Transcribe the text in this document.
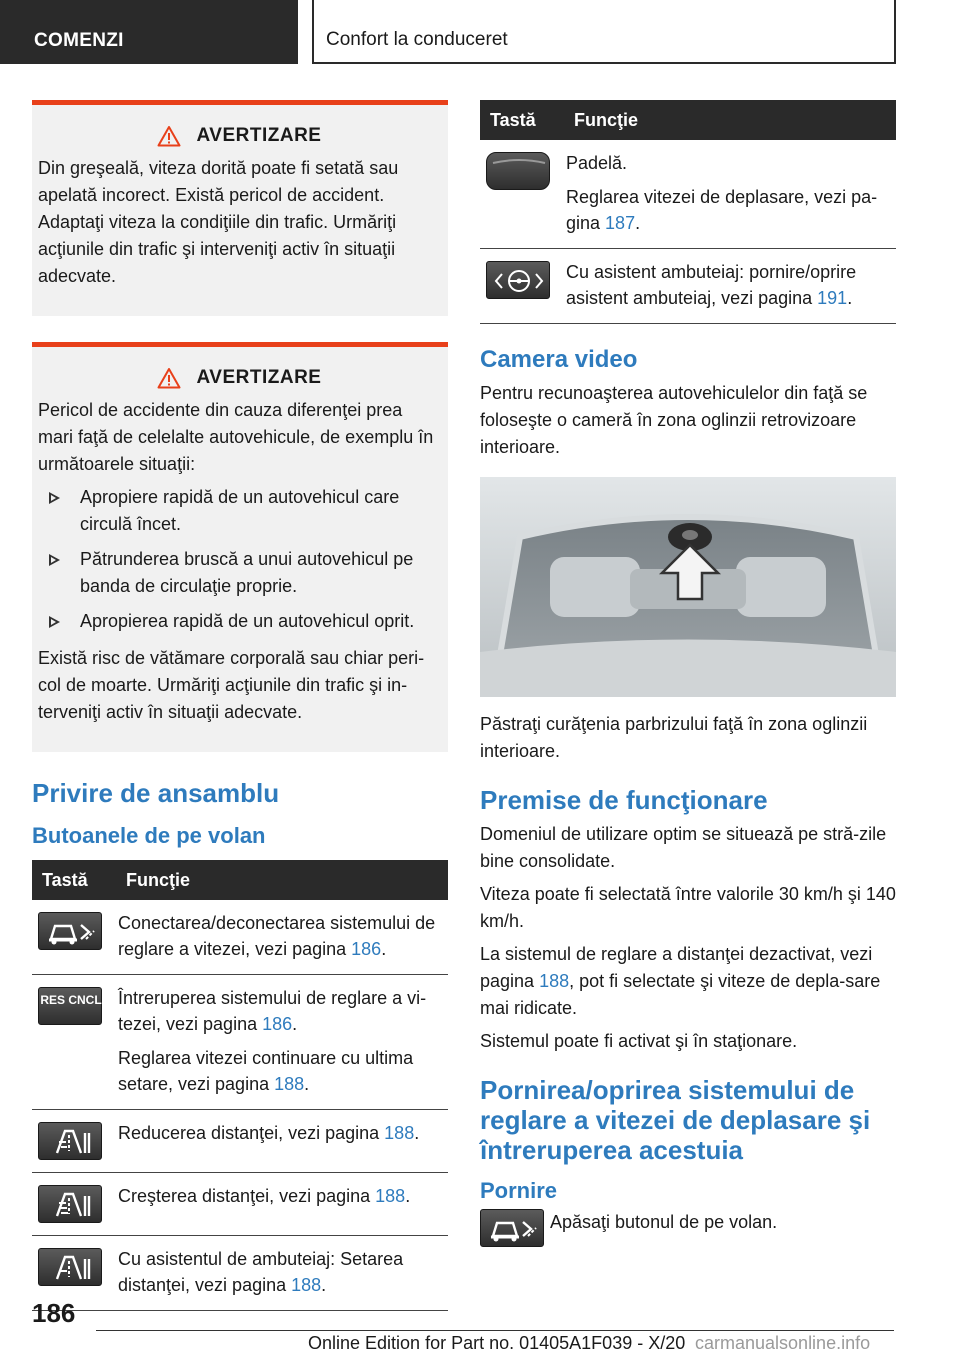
COMENZI	Confort la conduceret
AVERTIZARE

Din greşeală, viteza dorită poate fi setată sau apelată incorect. Există pericol de accident. Adaptaţi viteza la condiţiile din trafic. Urmăriţi acţiunile din trafic şi interveniţi activ în situaţii adecvate.

AVERTIZARE

Pericol de accidente din cauza diferenţei prea mari faţă de celelalte autovehicule, de exemplu în următoarele situaţii:

Apropiere rapidă de un autovehicul care circulă încet.
Pătrunderea bruscă a unui autovehicul pe banda de circulaţie proprie.
Apropierea rapidă de un autovehicul oprit.

Există risc de vătămare corporală sau chiar peri‐col de moarte. Urmăriţi acţiunile din trafic şi in‐terveniţi activ în situaţii adecvate.

Privire de ansamblu
Butoanele de pe volan
Tastă	Funcţie

Conectarea/deconectarea sistemului de reglare a vitezei, vezi pagina 186.

RES CNCL	Întreruperea sistemului de reglare a vi‐tezei, vezi pagina 186.

Reglarea vitezei continuare cu ultima setare, vezi pagina 188.

Reducerea distanţei, vezi pagina 188.

Creşterea distanţei, vezi pagina 188.

Cu asistentul de ambuteiaj: Setarea distanţei, vezi pagina 188.

Tastă	Funcţie

Padelă.

Reglarea vitezei de deplasare, vezi pa‐gina 187.

Cu asistent ambuteiaj: pornire/oprire asistent ambuteiaj, vezi pagina 191.

Camera video

Pentru recunoaşterea autovehiculelor din faţă se foloseşte o cameră în zona oglinzii retrovizoare interioare.

Păstraţi curăţenia parbrizului faţă în zona oglinzii interioare.

Premise de funcţionare

Domeniul de utilizare optim se situează pe stră‐zile bine consolidate.

Viteza poate fi selectată între valorile 30 km/h şi 140 km/h.

La sistemul de reglare a distanţei dezactivat, vezi pagina 188, pot fi selectate şi viteze de depla‐sare mai ridicate.

Sistemul poate fi activat şi în staţionare.

Pornirea/oprirea sistemului de reglare a vitezei de deplasare şi întreruperea acestuia
Pornire

Apăsaţi butonul de pe volan.

186
Online Edition for Part no. 01405A1F039 - X/20 carmanualsonline.info
